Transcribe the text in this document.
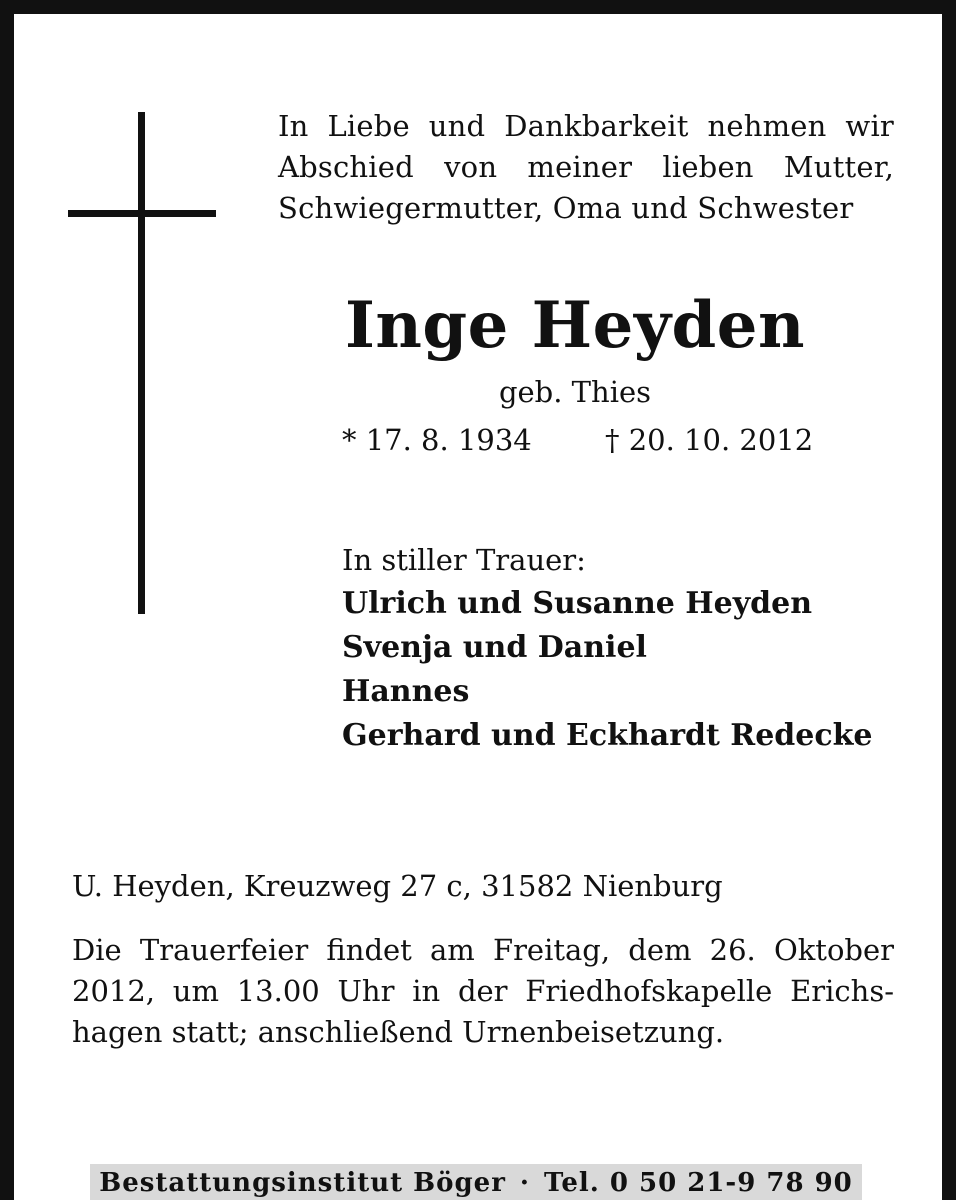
In Liebe und Dankbarkeit nehmen wir
Abschied von meiner lieben Mutter,
Schwiegermutter, Oma und Schwester
Inge Heyden
geb. Thies
* 17. 8. 1934	† 20. 10. 2012
In stiller Trauer:
Ulrich und Susanne Heyden
Svenja und Daniel
Hannes
Gerhard und Eckhardt Redecke
U. Heyden, Kreuzweg 27 c, 31582 Nienburg
Die Trauerfeier findet am Freitag, dem 26. Oktober
2012, um 13.00 Uhr in der Friedhofskapelle Erichs-
hagen statt; anschließend Urnenbeisetzung.
Bestattungsinstitut Böger · Tel. 0 50 21-9 78 90
